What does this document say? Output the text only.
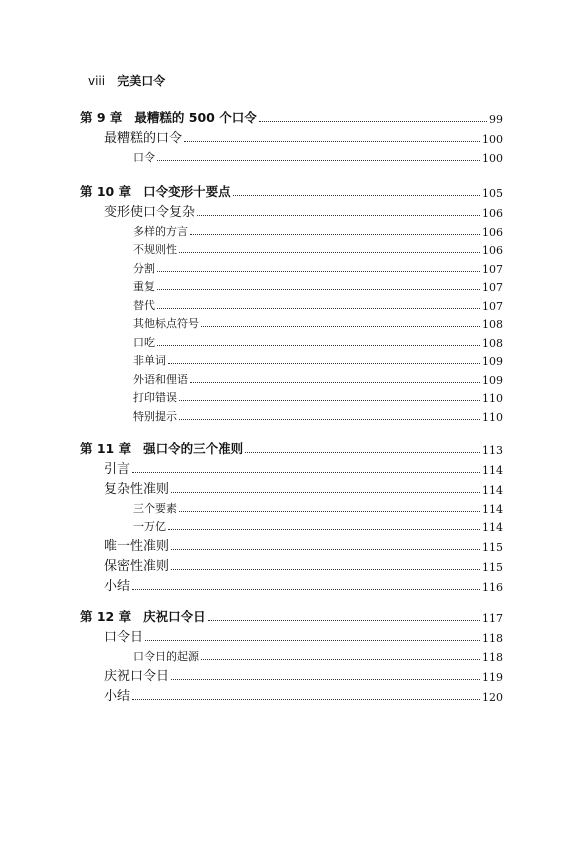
viii 完美口令
第 9 章 最糟糕的 500 个口令	99
最糟糕的口令	100
口令	100
第 10 章 口令变形十要点	105
变形使口令复杂	106
多样的方言	106
不规则性	106
分割	107
重复	107
替代	107
其他标点符号	108
口吃	108
非单词	109
外语和俚语	109
打印错误	110
特别提示	110
第 11 章 强口令的三个准则	113
引言	114
复杂性准则	114
三个要素	114
一万亿	114
唯一性准则	115
保密性准则	115
小结	116
第 12 章 庆祝口令日	117
口令日	118
口令日的起源	118
庆祝口令日	119
小结	120
